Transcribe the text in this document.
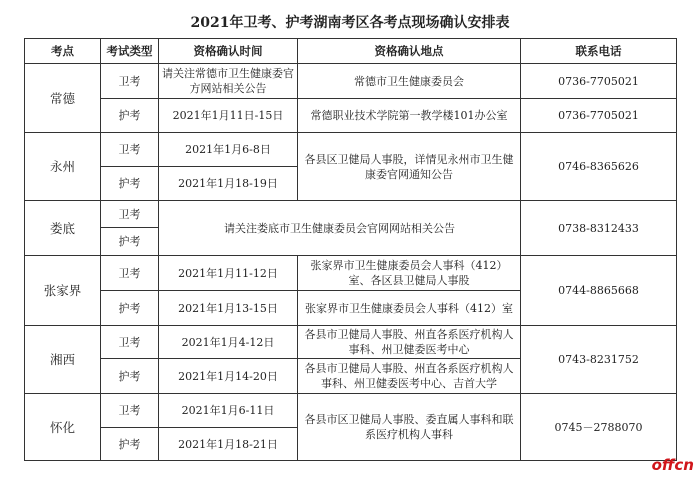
2021年卫考、护考湖南考区各考点现场确认安排表
考点	考试类型	资格确认时间	资格确认地点	联系电话
常德	卫考	请关注常德市卫生健康委官方网站相关公告	常德市卫生健康委员会	0736-7705021
	护考	2021年1月11日-15日	常德职业技术学院第一教学楼101办公室	0736-7705021
永州	卫考	2021年1月6-8日	各县区卫健局人事股，详情见永州市卫生健康委官网通知公告	0746-8365626
	护考	2021年1月18-19日		
娄底	卫考	请关注娄底市卫生健康委员会官网网站相关公告		0738-8312433
	护考			
张家界	卫考	2021年1月11-12日	张家界市卫生健康委员会人事科（412）室、各区县卫健局人事股	0744-8865668
	护考	2021年1月13-15日	张家界市卫生健康委员会人事科（412）室	
湘西	卫考	2021年1月4-12日	各县市卫健局人事股、州直各系医疗机构人事科、州卫健委医考中心	0743-8231752
	护考	2021年1月14-20日	各县市卫健局人事股、州直各系医疗机构人事科、州卫健委医考中心、吉首大学	
怀化	卫考	2021年1月6-11日	各县市区卫健局人事股、委直属人事科和联系医疗机构人事科	0745－2788070
	护考	2021年1月18-21日		
offcn
